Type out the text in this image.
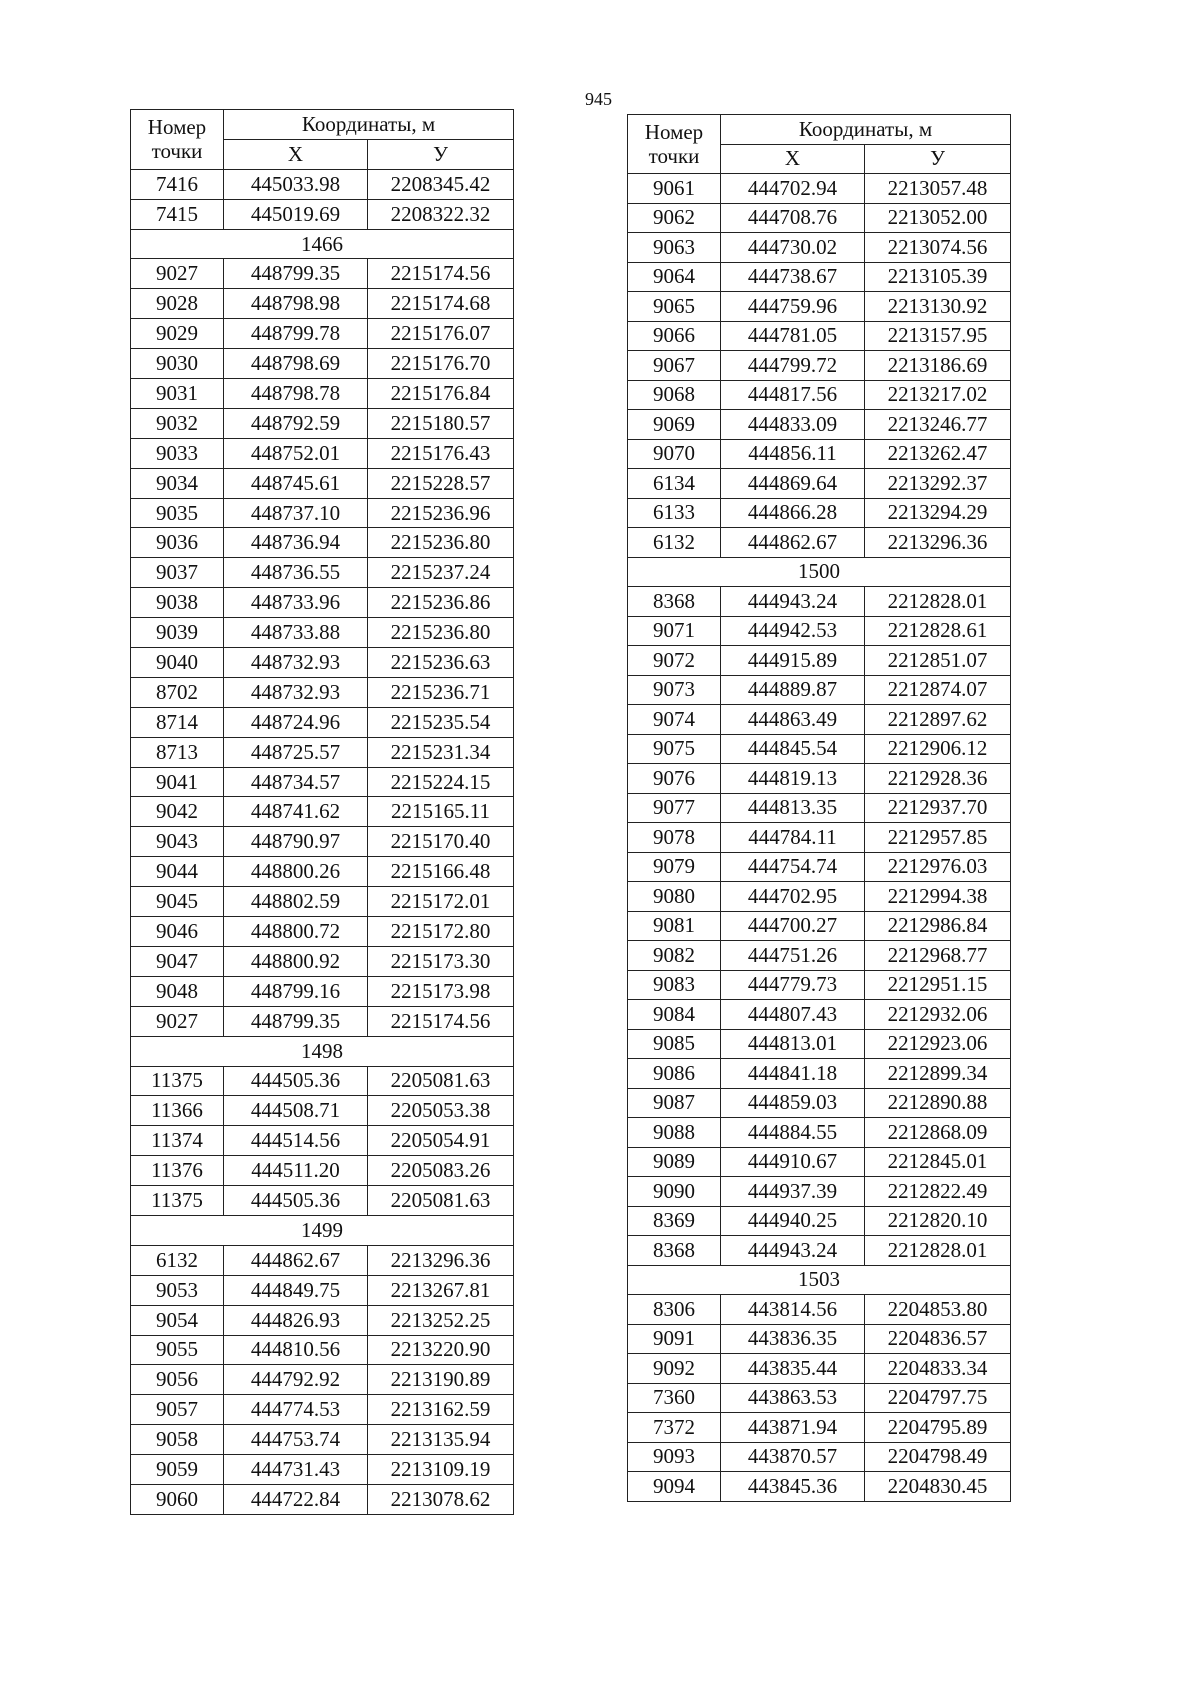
945
Номер
точки	Координаты, м	
	X	У
7416	445033.98	2208345.42
7415	445019.69	2208322.32
1466		
9027	448799.35	2215174.56
9028	448798.98	2215174.68
9029	448799.78	2215176.07
9030	448798.69	2215176.70
9031	448798.78	2215176.84
9032	448792.59	2215180.57
9033	448752.01	2215176.43
9034	448745.61	2215228.57
9035	448737.10	2215236.96
9036	448736.94	2215236.80
9037	448736.55	2215237.24
9038	448733.96	2215236.86
9039	448733.88	2215236.80
9040	448732.93	2215236.63
8702	448732.93	2215236.71
8714	448724.96	2215235.54
8713	448725.57	2215231.34
9041	448734.57	2215224.15
9042	448741.62	2215165.11
9043	448790.97	2215170.40
9044	448800.26	2215166.48
9045	448802.59	2215172.01
9046	448800.72	2215172.80
9047	448800.92	2215173.30
9048	448799.16	2215173.98
9027	448799.35	2215174.56
1498		
11375	444505.36	2205081.63
11366	444508.71	2205053.38
11374	444514.56	2205054.91
11376	444511.20	2205083.26
11375	444505.36	2205081.63
1499		
6132	444862.67	2213296.36
9053	444849.75	2213267.81
9054	444826.93	2213252.25
9055	444810.56	2213220.90
9056	444792.92	2213190.89
9057	444774.53	2213162.59
9058	444753.74	2213135.94
9059	444731.43	2213109.19
9060	444722.84	2213078.62
Номер
точки	Координаты, м	
	X	У
9061	444702.94	2213057.48
9062	444708.76	2213052.00
9063	444730.02	2213074.56
9064	444738.67	2213105.39
9065	444759.96	2213130.92
9066	444781.05	2213157.95
9067	444799.72	2213186.69
9068	444817.56	2213217.02
9069	444833.09	2213246.77
9070	444856.11	2213262.47
6134	444869.64	2213292.37
6133	444866.28	2213294.29
6132	444862.67	2213296.36
1500		
8368	444943.24	2212828.01
9071	444942.53	2212828.61
9072	444915.89	2212851.07
9073	444889.87	2212874.07
9074	444863.49	2212897.62
9075	444845.54	2212906.12
9076	444819.13	2212928.36
9077	444813.35	2212937.70
9078	444784.11	2212957.85
9079	444754.74	2212976.03
9080	444702.95	2212994.38
9081	444700.27	2212986.84
9082	444751.26	2212968.77
9083	444779.73	2212951.15
9084	444807.43	2212932.06
9085	444813.01	2212923.06
9086	444841.18	2212899.34
9087	444859.03	2212890.88
9088	444884.55	2212868.09
9089	444910.67	2212845.01
9090	444937.39	2212822.49
8369	444940.25	2212820.10
8368	444943.24	2212828.01
1503		
8306	443814.56	2204853.80
9091	443836.35	2204836.57
9092	443835.44	2204833.34
7360	443863.53	2204797.75
7372	443871.94	2204795.89
9093	443870.57	2204798.49
9094	443845.36	2204830.45
